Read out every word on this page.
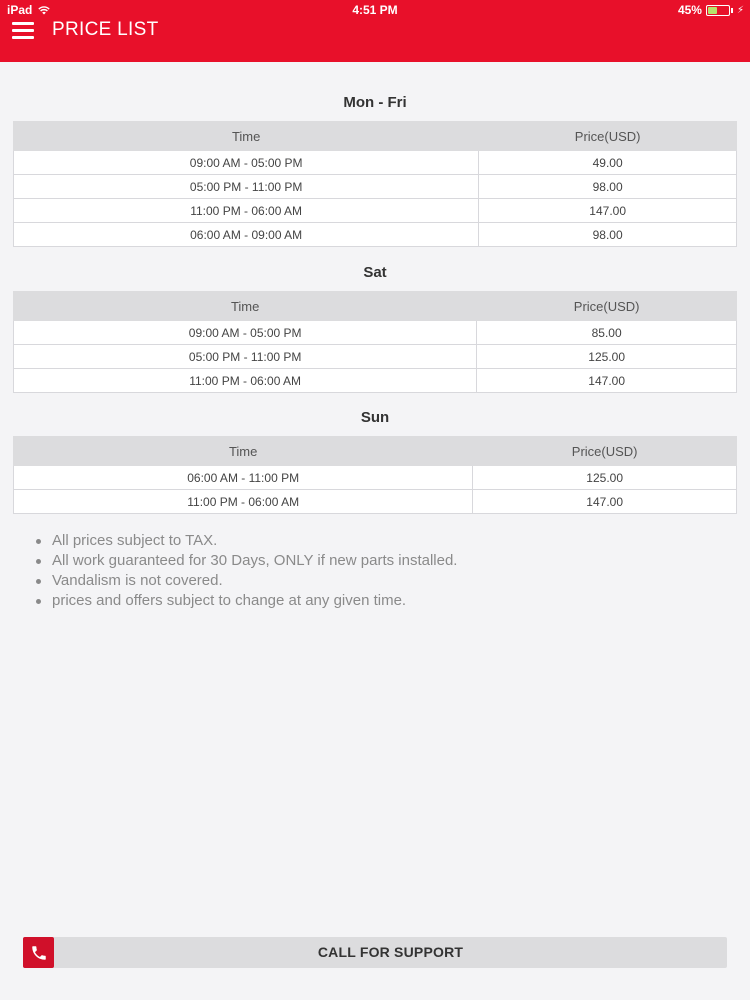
iPad	4:51 PM	45%	⚡
PRICE LIST
Mon - Fri
Time	Price(USD)
09:00 AM - 05:00 PM	49.00
05:00 PM - 11:00 PM	98.00
11:00 PM - 06:00 AM	147.00
06:00 AM - 09:00 AM	98.00
Sat
Time	Price(USD)
09:00 AM - 05:00 PM	85.00
05:00 PM - 11:00 PM	125.00
11:00 PM - 06:00 AM	147.00
Sun
Time	Price(USD)
06:00 AM - 11:00 PM	125.00
11:00 PM - 06:00 AM	147.00
All prices subject to TAX.
All work guaranteed for 30 Days, ONLY if new parts installed.
Vandalism is not covered.
prices and offers subject to change at any given time.
CALL FOR SUPPORT
